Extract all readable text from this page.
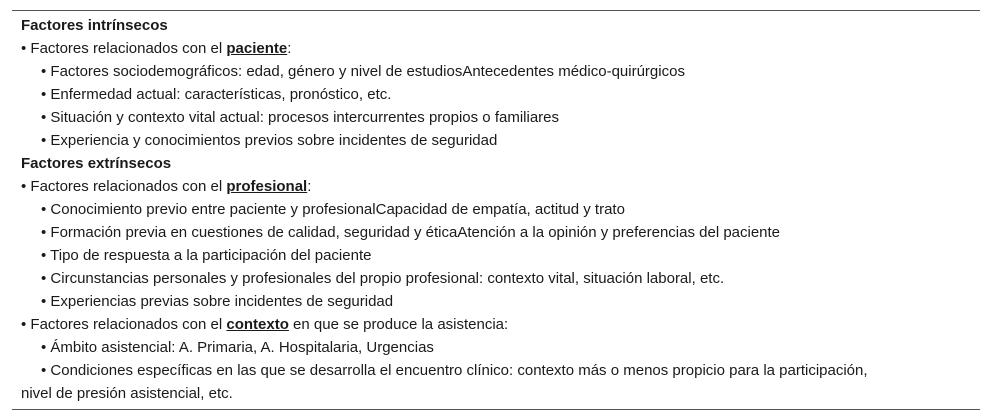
Factores intrínsecos
• Factores relacionados con el paciente:
• Factores sociodemográficos: edad, género y nivel de estudiosAntecedentes médico-quirúrgicos
• Enfermedad actual: características, pronóstico, etc.
• Situación y contexto vital actual: procesos intercurrentes propios o familiares
• Experiencia y conocimientos previos sobre incidentes de seguridad
Factores extrínsecos
• Factores relacionados con el profesional:
• Conocimiento previo entre paciente y profesionalCapacidad de empatía, actitud y trato
• Formación previa en cuestiones de calidad, seguridad y éticaAtención a la opinión y preferencias del paciente
• Tipo de respuesta a la participación del paciente
• Circunstancias personales y profesionales del propio profesional: contexto vital, situación laboral, etc.
• Experiencias previas sobre incidentes de seguridad
• Factores relacionados con el contexto en que se produce la asistencia:
• Ámbito asistencial: A. Primaria, A. Hospitalaria, Urgencias
• Condiciones específicas en las que se desarrolla el encuentro clínico: contexto más o menos propicio para la participación,
nivel de presión asistencial, etc.
